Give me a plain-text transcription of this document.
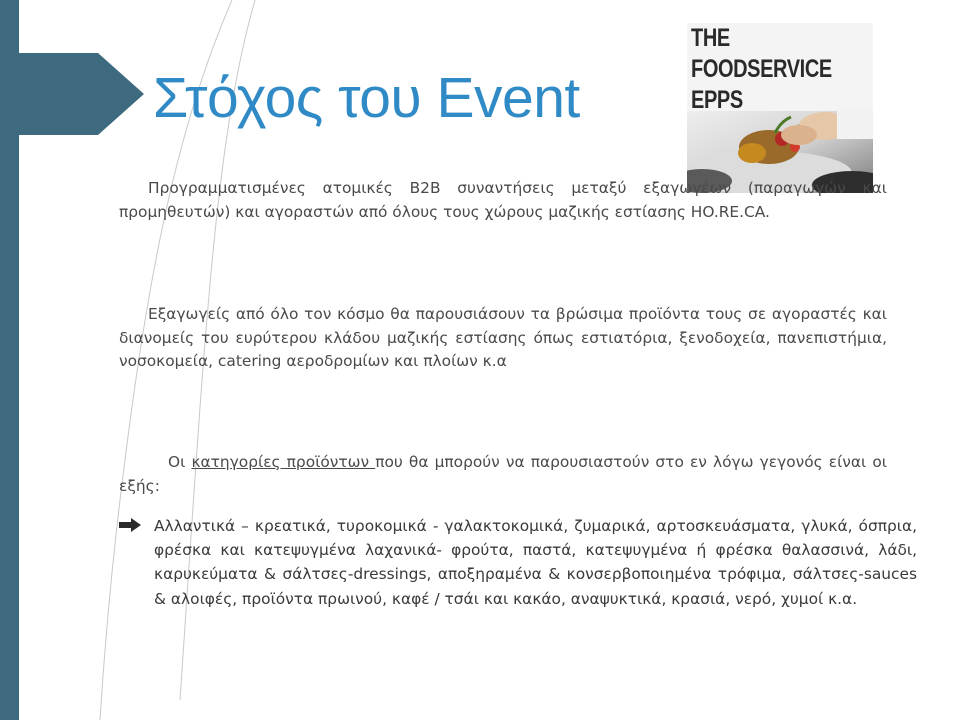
Στόχος του Event
THE
FOODSERVICE
EPPS

Προγραμματισμένες ατομικές B2B συναντήσεις μεταξύ εξαγωγέων (παραγωγών και προμηθευτών) και αγοραστών από όλους τους χώρους μαζικής εστίασης HO.RE.CA.

Εξαγωγείς από όλο τον κόσμο θα παρουσιάσουν τα βρώσιμα προϊόντα τους σε αγοραστές και διανομείς του ευρύτερου κλάδου μαζικής εστίασης όπως εστιατόρια, ξενοδοχεία, πανεπιστήμια, νοσοκομεία, catering αεροδρομίων και πλοίων κ.α

Οι κατηγορίες προϊόντων που θα μπορούν να παρουσιαστούν στο εν λόγω γεγονός είναι οι εξής:

Αλλαντικά – κρεατικά, τυροκομικά - γαλακτοκομικά, ζυμαρικά, αρτοσκευάσματα, γλυκά, όσπρια, φρέσκα και κατεψυγμένα λαχανικά- φρούτα, παστά, κατεψυγμένα ή φρέσκα θαλασσινά, λάδι, καρυκεύματα & σάλτσες-dressings, αποξηραμένα & κονσερβοποιημένα τρόφιμα, σάλτσες-sauces & αλοιφές, προϊόντα πρωινού, καφέ / τσάι και κακάο, αναψυκτικά, κρασιά, νερό, χυμοί κ.α.
